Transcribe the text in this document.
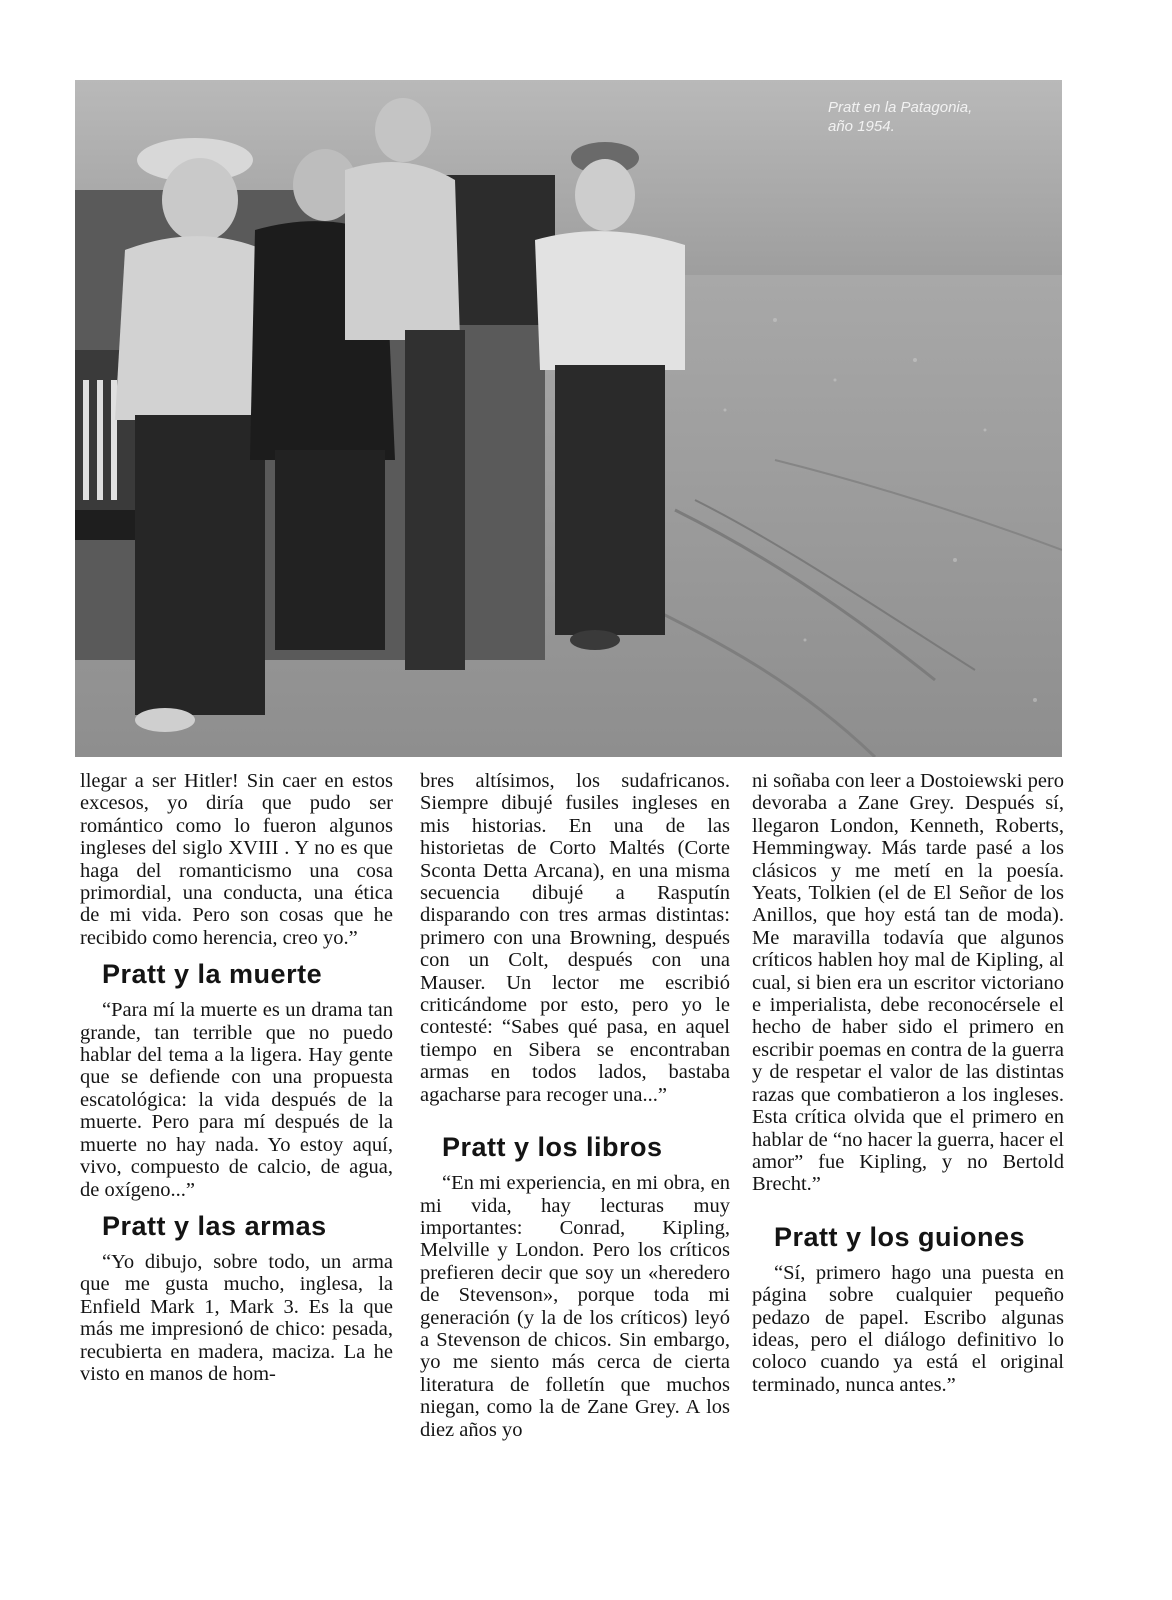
Pratt en la Patagonia,
año 1954.

llegar a ser Hitler! Sin caer en estos excesos, yo diría que pudo ser romántico como lo fueron algunos ingleses del siglo XVIII . Y no es que haga del romanticismo una cosa primordial, una conducta, una ética de mi vida. Pero son cosas que he recibido como herencia, creo yo.”

Pratt y la muerte

“Para mí la muerte es un drama tan grande, tan terrible que no puedo hablar del tema a la ligera. Hay gente que se defiende con una propuesta escatológica: la vida después de la muerte. Pero para mí después de la muerte no hay nada. Yo estoy aquí, vivo, compuesto de calcio, de agua, de oxígeno...”

Pratt y las armas

“Yo dibujo, sobre todo, un arma que me gusta mucho, inglesa, la Enfield Mark 1, Mark 3. Es la que más me impresionó de chico: pesada, recubierta en madera, maciza. La he visto en manos de hom-

bres altísimos, los sudafricanos. Siempre dibujé fusiles ingleses en mis historias. En una de las historietas de Corto Maltés (Corte Sconta Detta Arcana), en una misma secuencia dibujé a Rasputín disparando con tres armas distintas: primero con una Browning, después con un Colt, después con una Mauser. Un lector me escribió criticándome por esto, pero yo le contesté: “Sabes qué pasa, en aquel tiempo en Sibera se encontraban armas en todos lados, bastaba agacharse para recoger una...”

Pratt y los libros

“En mi experiencia, en mi obra, en mi vida, hay lecturas muy importantes: Conrad, Kipling, Melville y London. Pero los críticos prefieren decir que soy un «heredero de Stevenson», porque toda mi generación (y la de los críticos) leyó a Stevenson de chicos. Sin embargo, yo me siento más cerca de cierta literatura de folletín que muchos niegan, como la de Zane Grey. A los diez años yo

ni soñaba con leer a Dostoiewski pero devoraba a Zane Grey. Después sí, llegaron London, Kenneth, Roberts, Hemmingway. Más tarde pasé a los clásicos y me metí en la poesía. Yeats, Tolkien (el de El Señor de los Anillos, que hoy está tan de moda). Me maravilla todavía que algunos críticos hablen hoy mal de Kipling, al cual, si bien era un escritor victoriano e imperialista, debe reconocérsele el hecho de haber sido el primero en escribir poemas en contra de la guerra y de respetar el valor de las distintas razas que combatieron a los ingleses. Esta crítica olvida que el primero en hablar de “no hacer la guerra, hacer el amor” fue Kipling, y no Bertold Brecht.”

Pratt y los guiones

“Sí, primero hago una puesta en página sobre cualquier pequeño pedazo de papel. Escribo algunas ideas, pero el diálogo definitivo lo coloco cuando ya está el original terminado, nunca antes.”
